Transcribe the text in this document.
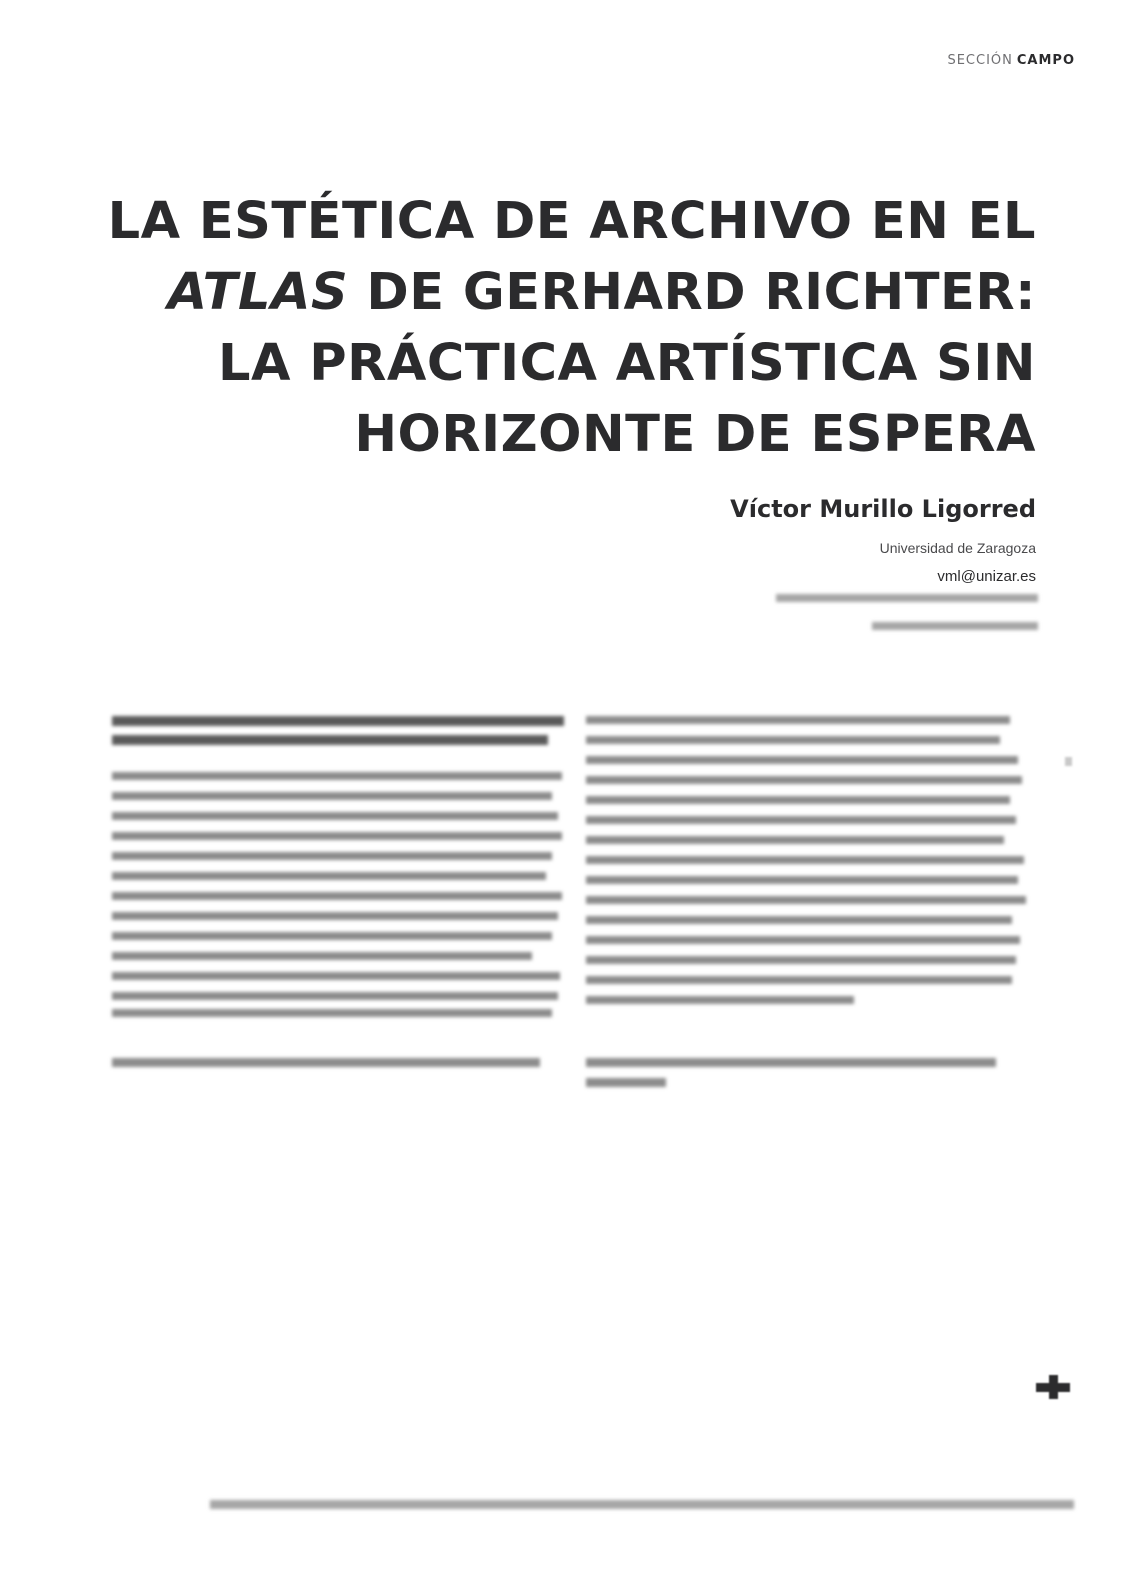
SECCIÓN CAMPO
LA ESTÉTICA DE ARCHIVO EN EL
ATLAS DE GERHARD RICHTER:
LA PRÁCTICA ARTÍSTICA SIN
HORIZONTE DE ESPERA
Víctor Murillo Ligorred
Universidad de Zaragoza
vml@unizar.es
